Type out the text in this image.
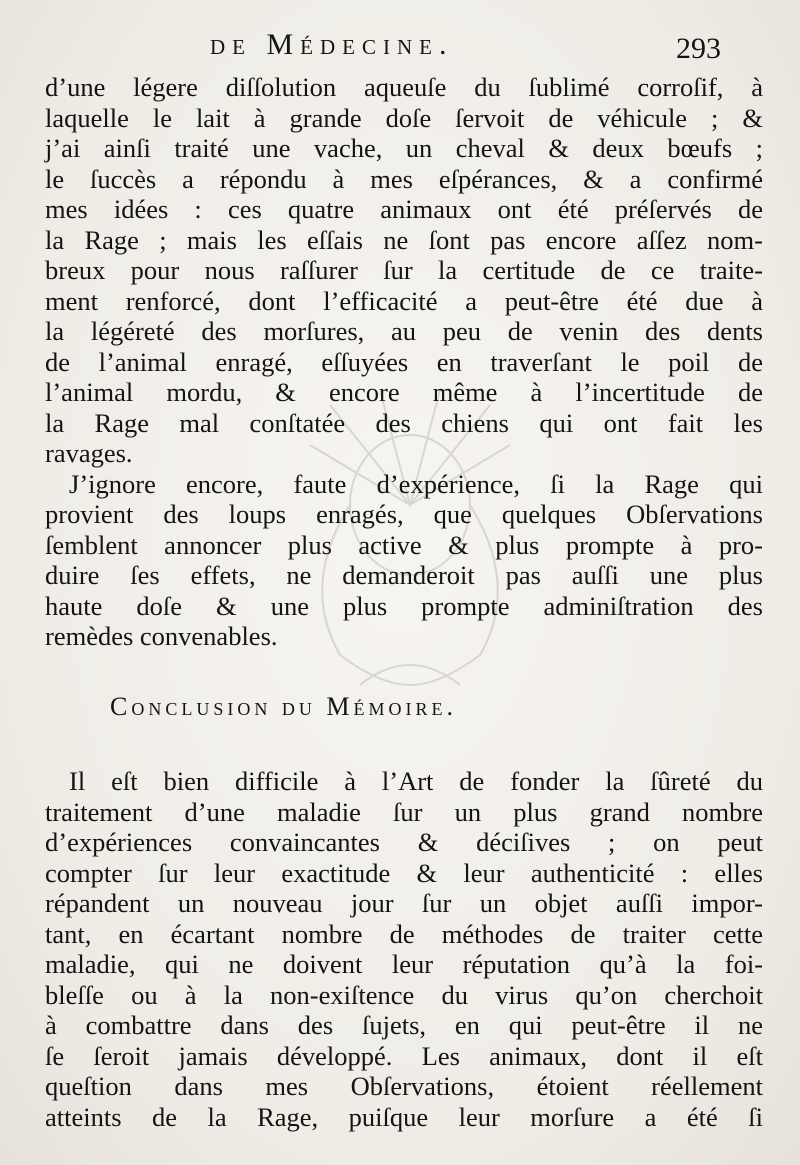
de Médecine.	293

d’une légere diſſolution aqueuſe du ſublimé corroſif, à
laquelle le lait à grande doſe ſervoit de véhicule ; &
j’ai ainſi traité une vache, un cheval & deux bœufs ;
le ſuccès a répondu à mes eſpérances, & a confirmé
mes idées : ces quatre animaux ont été préſervés de
la Rage ; mais les eſſais ne ſont pas encore aſſez nom-
breux pour nous raſſurer ſur la certitude de ce traite-
ment renforcé, dont l’efficacité a peut-être été due à
la légéreté des morſures, au peu de venin des dents
de l’animal enragé, eſſuyées en traverſant le poil de
l’animal mordu, & encore même à l’incertitude de
la Rage mal conſtatée des chiens qui ont fait les
ravages.

J’ignore encore, faute d’expérience, ſi la Rage qui
provient des loups enragés, que quelques Obſervations
ſemblent annoncer plus active & plus prompte à pro-
duire ſes effets, ne demanderoit pas auſſi une plus
haute doſe & une plus prompte adminiſtration des
remèdes convenables.

Conclusion du Mémoire.

Il eſt bien difficile à l’Art de fonder la ſûreté du
traitement d’une maladie ſur un plus grand nombre
d’expériences convaincantes & déciſives ; on peut
compter ſur leur exactitude & leur authenticité : elles
répandent un nouveau jour ſur un objet auſſi impor-
tant, en écartant nombre de méthodes de traiter cette
maladie, qui ne doivent leur réputation qu’à la foi-
bleſſe ou à la non-exiſtence du virus qu’on cherchoit
à combattre dans des ſujets, en qui peut-être il ne
ſe ſeroit jamais développé. Les animaux, dont il eſt
queſtion dans mes Obſervations, étoient réellement
atteints de la Rage, puiſque leur morſure a été ſi
